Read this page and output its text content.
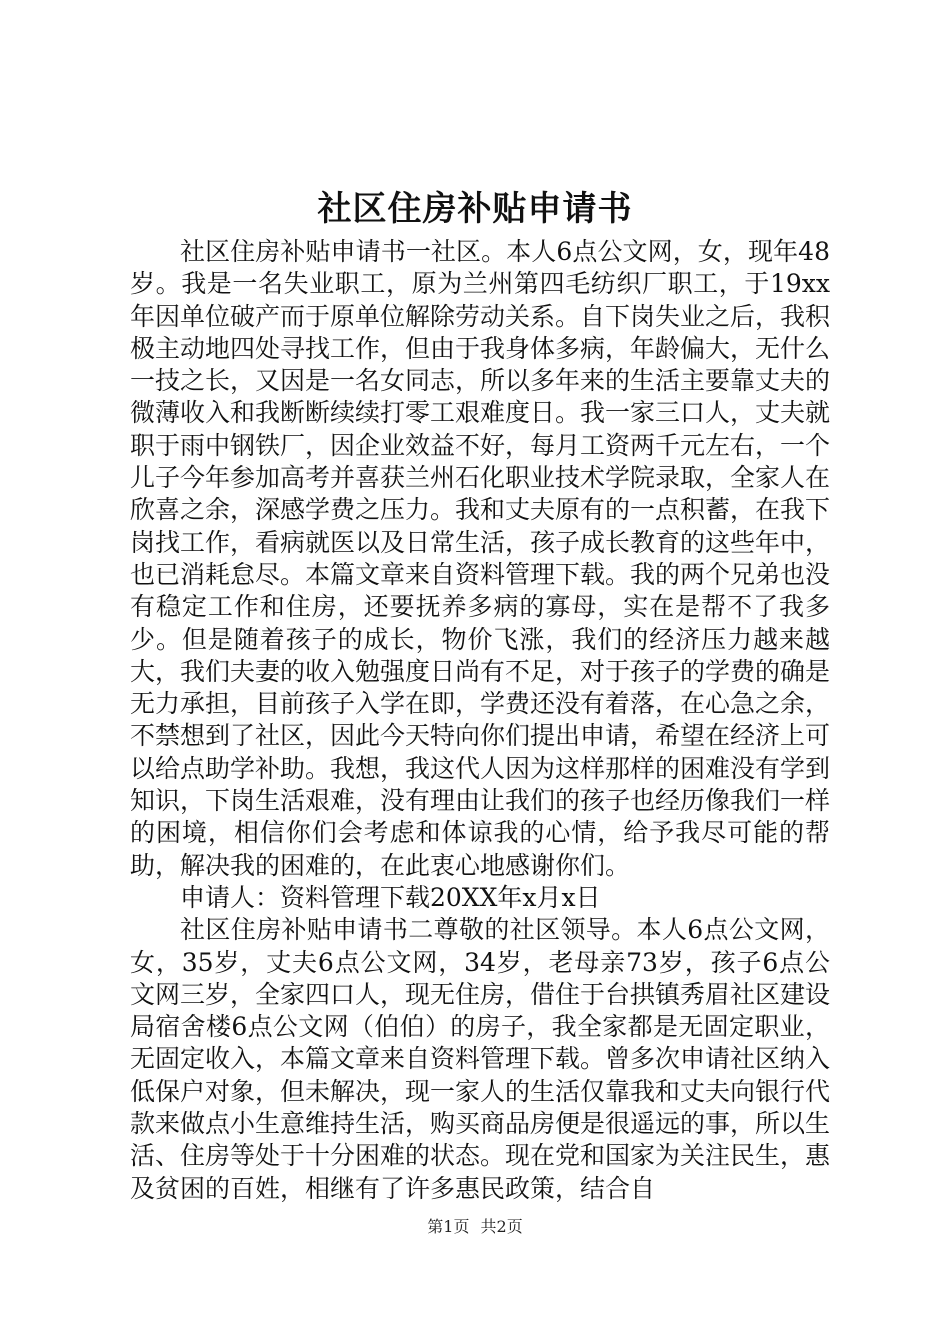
社区住房补贴申请书

社区住房补贴申请书一社区。本人6点公文网，女，现年48岁。我是一名失业职工，原为兰州第四毛纺织厂职工，于19xx年因单位破产而于原单位解除劳动关系。自下岗失业之后，我积极主动地四处寻找工作，但由于我身体多病，年龄偏大，无什么一技之长，又因是一名女同志，所以多年来的生活主要靠丈夫的微薄收入和我断断续续打零工艰难度日。我一家三口人，丈夫就职于雨中钢铁厂，因企业效益不好，每月工资两千元左右，一个儿子今年参加高考并喜获兰州石化职业技术学院录取，全家人在欣喜之余，深感学费之压力。我和丈夫原有的一点积蓄，在我下岗找工作，看病就医以及日常生活，孩子成长教育的这些年中，也已消耗怠尽。本篇文章来自资料管理下载。我的两个兄弟也没有稳定工作和住房，还要抚养多病的寡母，实在是帮不了我多少。但是随着孩子的成长，物价飞涨，我们的经济压力越来越大，我们夫妻的收入勉强度日尚有不足，对于孩子的学费的确是无力承担，目前孩子入学在即，学费还没有着落，在心急之余，不禁想到了社区，因此今天特向你们提出申请，希望在经济上可以给点助学补助。我想，我这代人因为这样那样的困难没有学到知识，下岗生活艰难，没有理由让我们的孩子也经历像我们一样的困境，相信你们会考虑和体谅我的心情，给予我尽可能的帮助，解决我的困难的，在此衷心地感谢你们。

申请人：资料管理下载20XX年x月x日

社区住房补贴申请书二尊敬的社区领导。本人6点公文网，女，35岁，丈夫6点公文网，34岁，老母亲73岁，孩子6点公文网三岁，全家四口人，现无住房，借住于台拱镇秀眉社区建设局宿舍楼6点公文网（伯伯）的房子，我全家都是无固定职业，无固定收入，本篇文章来自资料管理下载。曾多次申请社区纳入低保户对象，但未解决，现一家人的生活仅靠我和丈夫向银行代款来做点小生意维持生活，购买商品房便是很遥远的事，所以生活、住房等处于十分困难的状态。现在党和国家为关注民生，惠及贫困的百姓，相继有了许多惠民政策，结合自

第1页 共2页
